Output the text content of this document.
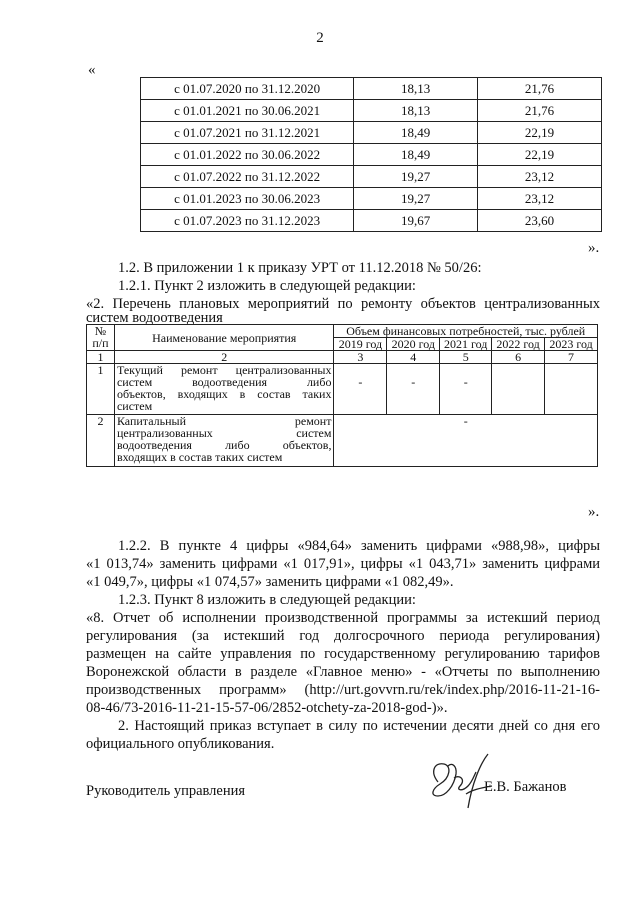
2
«
с 01.07.2020 по 31.12.2020	18,13	21,76
с 01.01.2021 по 30.06.2021	18,13	21,76
с 01.07.2021 по 31.12.2021	18,49	22,19
с 01.01.2022 по 30.06.2022	18,49	22,19
с 01.07.2022 по 31.12.2022	19,27	23,12
с 01.01.2023 по 30.06.2023	19,27	23,12
с 01.07.2023 по 31.12.2023	19,67	23,60
».
1.2. В приложении 1 к приказу УРТ от 11.12.2018 № 50/26:
1.2.1. Пункт 2 изложить в следующей редакции:
«2. Перечень плановых мероприятий по ремонту объектов централизованных
систем водоотведения
№ п/п	Наименование мероприятия	Объем финансовых потребностей, тыс. рублей				
		2019 год	2020 год	2021 год	2022 год	2023 год
1	2	3	4	5	6	7
1	Текущий ремонт централизованных
систем водоотведения либо
объектов, входящих в состав таких
систем	-	-	-		
2	Капитальный ремонт
централизованных систем
водоотведения либо объектов,
входящих в состав таких систем	-				
».
1.2.2. В пункте 4 цифры «984,64» заменить цифрами «988,98», цифры
«1 013,74» заменить цифрами «1 017,91», цифры «1 043,71» заменить цифрами
«1 049,7», цифры «1 074,57» заменить цифрами «1 082,49».
1.2.3. Пункт 8 изложить в следующей редакции:
«8. Отчет об исполнении производственной программы за истекший период
регулирования (за истекший год долгосрочного периода регулирования)
размещен на сайте управления по государственному регулированию тарифов
Воронежской области в разделе «Главное меню» - «Отчеты по выполнению
производственных программ» (http://urt.govvrn.ru/rek/index.php/2016-11-21-16-
08-46/73-2016-11-21-15-57-06/2852-otchety-za-2018-god-)».
2. Настоящий приказ вступает в силу по истечении десяти дней со дня его
официального опубликования.
Руководитель управления	Е.В. Бажанов
